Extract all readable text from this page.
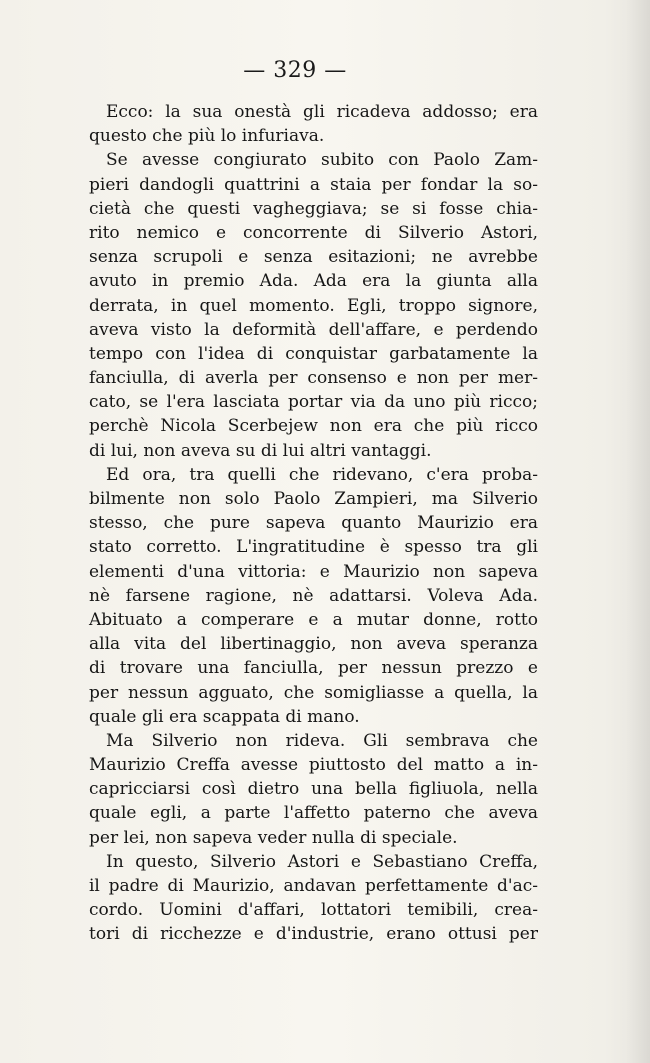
— 329 —
Ecco: la sua onestà gli ricadeva addosso; era
questo che più lo infuriava.
Se avesse congiurato subito con Paolo Zam-
pieri dandogli quattrini a staia per fondar la so-
cietà che questi vagheggiava; se si fosse chia-
rito nemico e concorrente di Silverio Astori,
senza scrupoli e senza esitazioni; ne avrebbe
avuto in premio Ada. Ada era la giunta alla
derrata, in quel momento. Egli, troppo signore,
aveva visto la deformità dell'affare, e perdendo
tempo con l'idea di conquistar garbatamente la
fanciulla, di averla per consenso e non per mer-
cato, se l'era lasciata portar via da uno più ricco;
perchè Nicola Scerbejew non era che più ricco
di lui, non aveva su di lui altri vantaggi.
Ed ora, tra quelli che ridevano, c'era proba-
bilmente non solo Paolo Zampieri, ma Silverio
stesso, che pure sapeva quanto Maurizio era
stato corretto. L'ingratitudine è spesso tra gli
elementi d'una vittoria: e Maurizio non sapeva
nè farsene ragione, nè adattarsi. Voleva Ada.
Abituato a comperare e a mutar donne, rotto
alla vita del libertinaggio, non aveva speranza
di trovare una fanciulla, per nessun prezzo e
per nessun agguato, che somigliasse a quella, la
quale gli era scappata di mano.
Ma Silverio non rideva. Gli sembrava che
Maurizio Creffa avesse piuttosto del matto a in-
capricciarsi così dietro una bella figliuola, nella
quale egli, a parte l'affetto paterno che aveva
per lei, non sapeva veder nulla di speciale.
In questo, Silverio Astori e Sebastiano Creffa,
il padre di Maurizio, andavan perfettamente d'ac-
cordo. Uomini d'affari, lottatori temibili, crea-
tori di ricchezze e d'industrie, erano ottusi per
